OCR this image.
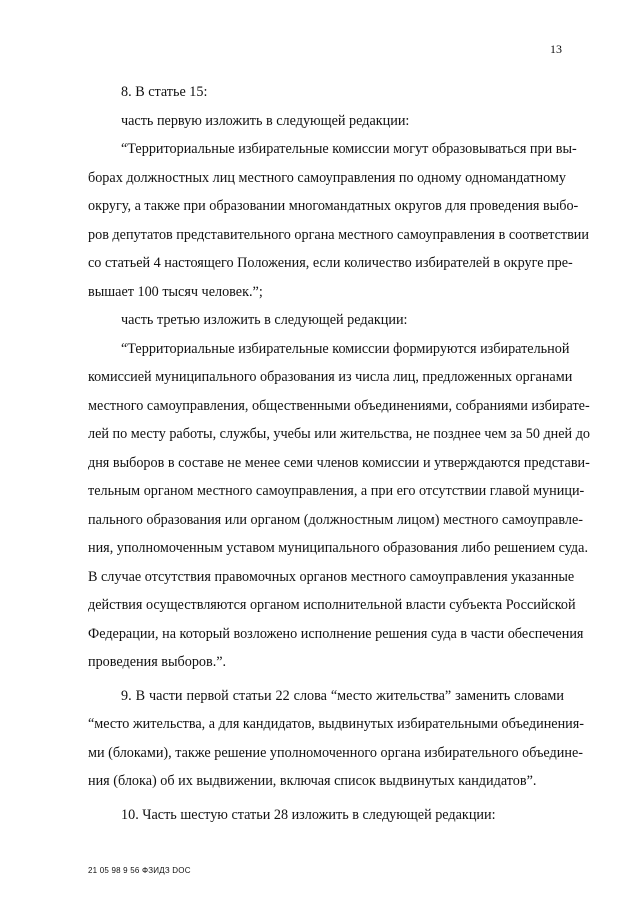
13
8. В статье 15:
часть первую изложить в следующей редакции:
“Территориальные избирательные комиссии могут образовываться при вы-
борах должностных лиц местного самоуправления по одному одномандатному
округу, а также при образовании многомандатных округов для проведения выбо-
ров депутатов представительного органа местного самоуправления в соответствии
со статьей 4 настоящего Положения, если количество избирателей в округе пре-
вышает 100 тысяч человек.”;
часть третью изложить в следующей редакции:
“Территориальные избирательные комиссии формируются избирательной
комиссией муниципального образования из числа лиц, предложенных органами
местного самоуправления, общественными объединениями, собраниями избирате-
лей по месту работы, службы, учебы или жительства, не позднее чем за 50 дней до
дня выборов в составе не менее семи членов комиссии и утверждаются представи-
тельным органом местного самоуправления, а при его отсутствии главой муници-
пального образования или органом (должностным лицом) местного самоуправле-
ния, уполномоченным уставом муниципального образования либо решением суда.
В случае отсутствия правомочных органов местного самоуправления указанные
действия осуществляются органом исполнительной власти субъекта Российской
Федерации, на который возложено исполнение решения суда в части обеспечения
проведения выборов.”.
9. В части первой статьи 22 слова “место жительства” заменить словами
“место жительства, а для кандидатов, выдвинутых избирательными объединения-
ми (блоками), также решение уполномоченного органа избирательного объедине-
ния (блока) об их выдвижении, включая список выдвинутых кандидатов”.
10. Часть шестую статьи 28 изложить в следующей редакции:
21 05 98 9 56 ФЗИДЗ DOC
